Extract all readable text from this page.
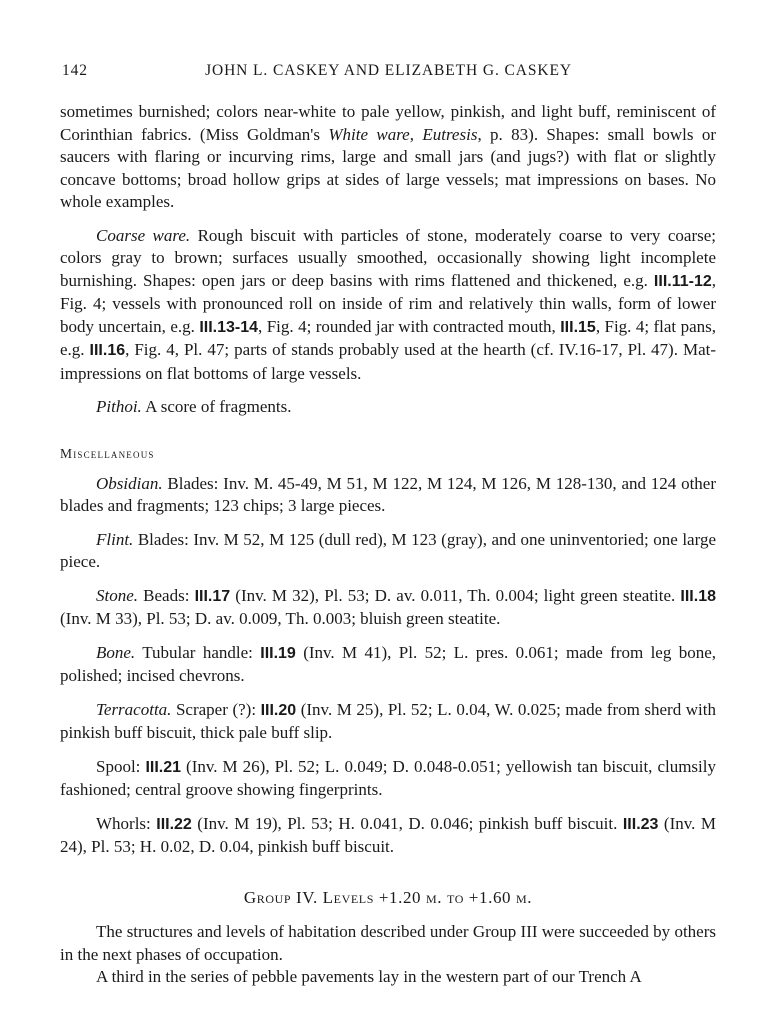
142	JOHN L. CASKEY AND ELIZABETH G. CASKEY

sometimes burnished; colors near-white to pale yellow, pinkish, and light buff, reminiscent of Corinthian fabrics. (Miss Goldman's White ware, Eutresis, p. 83). Shapes: small bowls or saucers with flaring or incurving rims, large and small jars (and jugs?) with flat or slightly concave bottoms; broad hollow grips at sides of large vessels; mat impressions on bases. No whole examples.

Coarse ware. Rough biscuit with particles of stone, moderately coarse to very coarse; colors gray to brown; surfaces usually smoothed, occasionally showing light incomplete burnishing. Shapes: open jars or deep basins with rims flattened and thickened, e.g. III.11-12, Fig. 4; vessels with pronounced roll on inside of rim and relatively thin walls, form of lower body uncertain, e.g. III.13-14, Fig. 4; rounded jar with contracted mouth, III.15, Fig. 4; flat pans, e.g. III.16, Fig. 4, Pl. 47; parts of stands probably used at the hearth (cf. IV.16-17, Pl. 47). Mat-impressions on flat bottoms of large vessels.

Pithoi. A score of fragments.

Miscellaneous

Obsidian. Blades: Inv. M. 45-49, M 51, M 122, M 124, M 126, M 128-130, and 124 other blades and fragments; 123 chips; 3 large pieces.

Flint. Blades: Inv. M 52, M 125 (dull red), M 123 (gray), and one uninventoried; one large piece.

Stone. Beads: III.17 (Inv. M 32), Pl. 53; D. av. 0.011, Th. 0.004; light green steatite. III.18 (Inv. M 33), Pl. 53; D. av. 0.009, Th. 0.003; bluish green steatite.

Bone. Tubular handle: III.19 (Inv. M 41), Pl. 52; L. pres. 0.061; made from leg bone, polished; incised chevrons.

Terracotta. Scraper (?): III.20 (Inv. M 25), Pl. 52; L. 0.04, W. 0.025; made from sherd with pinkish buff biscuit, thick pale buff slip.

Spool: III.21 (Inv. M 26), Pl. 52; L. 0.049; D. 0.048-0.051; yellowish tan biscuit, clumsily fashioned; central groove showing fingerprints.

Whorls: III.22 (Inv. M 19), Pl. 53; H. 0.041, D. 0.046; pinkish buff biscuit. III.23 (Inv. M 24), Pl. 53; H. 0.02, D. 0.04, pinkish buff biscuit.

Group IV. Levels +1.20 m. to +1.60 m.

The structures and levels of habitation described under Group III were succeeded by others in the next phases of occupation.

A third in the series of pebble pavements lay in the western part of our Trench A
